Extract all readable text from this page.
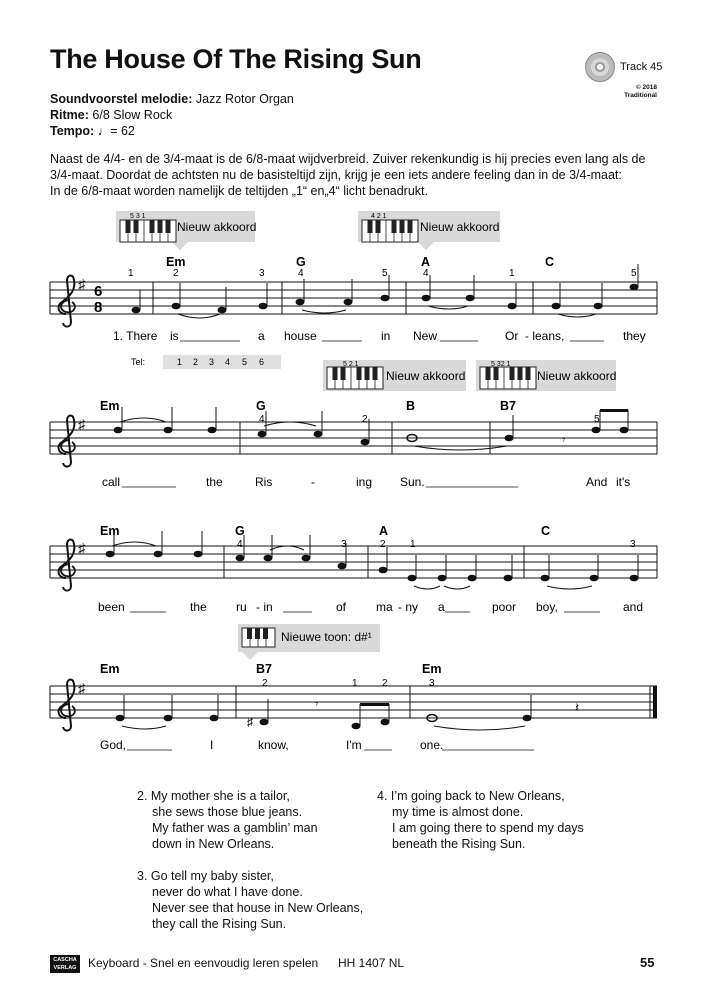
The House Of The Rising Sun	Track 45
© 2018
Traditional
Soundvoorstel melodie: Jazz Rotor Organ
Ritme: 6/8 Slow Rock
Tempo: ♩= 62
Naast de 4/4- en de 3/4-maat is de 6/8-maat wijdverbreid. Zuiver rekenkundig is hij precies even lang als de
3/4-maat. Doordat de achtsten nu de basisteltijd zijn, krijg je een iets andere feeling dan in de 3/4-maat:
In de 6/8-maat worden namelijk de teltijden „1“ en„4“ licht benadrukt.
5 3 1
Nieuw akkoord
4 2 1
Nieuw akkoord
Tel:	1 2 3 4 5 6	5 2 1
Nieuw akkoord
5 32 1
Nieuw akkoord
Nieuwe toon: d#¹
♯ 6
8
♯
𝄾
♯
♯
♯
𝄾	𝄽
Em	G	A	C
Em	G	B	B7
Em	G	A	C
Em	B7	Em
1	2	3	4	5	4	1	5
4	2	5
4	3	2 1	3
2	1 2	3
1. There is	a house	in New	Or - leans,	they
call	the	Ris	-	ing Sun.	And it's
been	the ru - in	of ma - ny a	poor boy,	and
God,	I	know,	I'm	one.
2. My mother she is a tailor,
she sews those blue jeans.
My father was a gamblin’ man
down in New Orleans.
3. Go tell my baby sister,
never do what I have done.
Never see that house in New Orleans,
they call the Rising Sun.
4. I’m going back to New Orleans,
my time is almost done.
I am going there to spend my days
beneath the Rising Sun.
CASCHA VERLAG Keyboard - Snel en eenvoudig leren spelen HH 1407 NL	55
